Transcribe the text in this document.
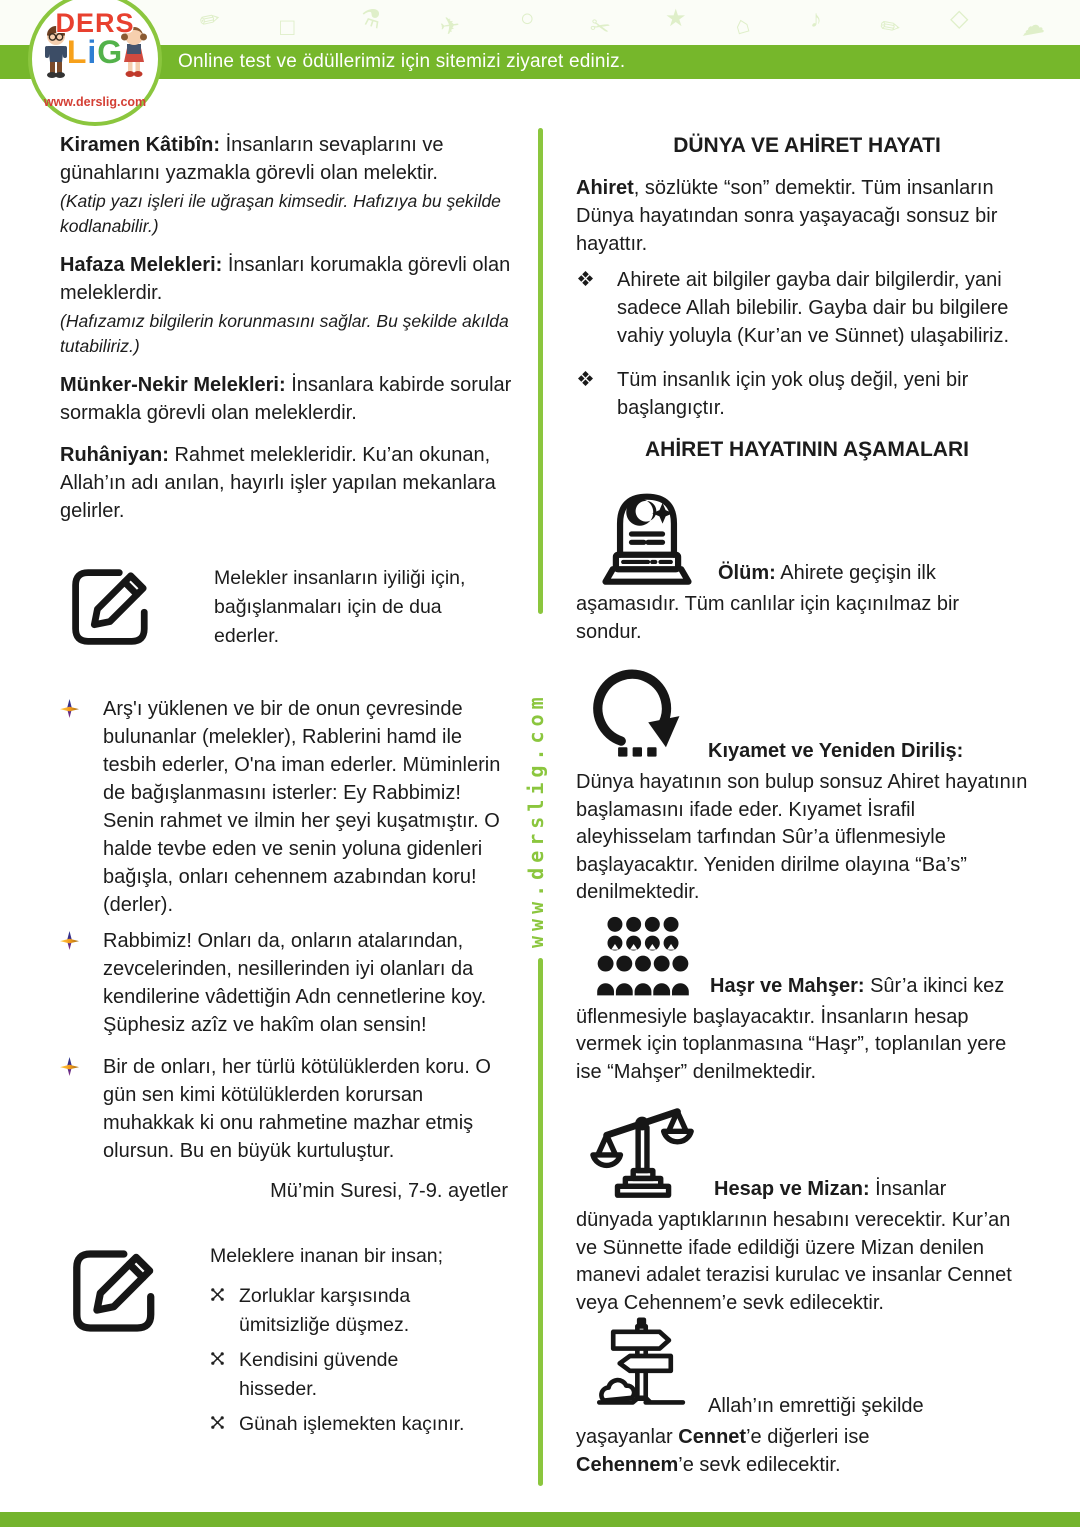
✏ □	⚗ ✈ ○ ✂ ★ ⌂ ♪ ✏ ◇ ☁
Online test ve ödüllerimiz için sitemizi ziyaret ediniz.
DERS
LiG
www.derslig.com
www.derslig.com

Kiramen Kâtibîn: İnsanların sevaplarını ve günahlarını yazmakla görevli olan melektir.

(Katip yazı işleri ile uğraşan kimsedir. Hafızıya bu şekilde kodlanabilir.)

Hafaza Melekleri: İnsanları korumakla görevli olan meleklerdir.

(Hafızamız bilgilerin korunmasını sağlar. Bu şekilde akılda tutabiliriz.)

Münker-Nekir Melekleri: İnsanlara kabirde sorular sormakla görevli olan meleklerdir.

Ruhâniyan: Rahmet melekleridir. Ku’an okunan, Allah’ın adı anılan, hayırlı işler yapılan mekanlara gelirler.

Melekler insanların iyiliği için, bağışlanmaları için de dua ederler.

Arş'ı yüklenen ve bir de onun çevresinde bulunanlar (melekler), Rablerini hamd ile tesbih ederler, O'na iman ederler. Müminlerin de bağışlanmasını isterler: Ey Rabbimiz! Senin rahmet ve ilmin her şeyi kuşatmıştır. O halde tevbe eden ve senin yoluna gidenleri bağışla, onları cehennem azabından koru! (derler).

Rabbimiz! Onları da, onların atalarından, zevcelerinden, nesillerinden iyi olanları da kendilerine vâdettiğin Adn cennetlerine koy. Şüphesiz azîz ve hakîm olan sensin!

Bir de onları, her türlü kötülüklerden koru. O gün sen kimi kötülüklerden korursan muhakkak ki onu rahmetine mazhar etmiş olursun. Bu en büyük kurtuluştur.

Mü’min Suresi, 7-9. ayetler

Meleklere inanan bir insan;

Zorluklar karşısında ümitsizliğe düşmez.

Kendisini güvende hisseder.

Günah işlemekten kaçınır.

DÜNYA VE AHİRET HAYATI

Ahiret, sözlükte “son” demektir. Tüm insanların Dünya hayatından sonra yaşayacağı sonsuz bir hayattır.

Ahirete ait bilgiler gayba dair bilgilerdir, yani sadece Allah bilebilir. Gayba dair bu bilgilere vahiy yoluyla (Kur’an ve Sünnet) ulaşabiliriz.

Tüm insanlık için yok oluş değil, yeni bir başlangıçtır.

AHİRET HAYATININ AŞAMALARI
Ölüm: Ahirete geçişin ilk

aşamasıdır. Tüm canlılar için kaçınılmaz bir sondur.

Kıyamet ve Yeniden Diriliş:

Dünya hayatının son bulup sonsuz Ahiret hayatının başlamasını ifade eder. Kıyamet İsrafil aleyhisselam tarfından Sûr’a üflenmesiyle başlayacaktır. Yeniden dirilme olayına “Ba’s” denilmektedir.

Haşr ve Mahşer: Sûr’a ikinci kez

üflenmesiyle başlayacaktır. İnsanların hesap vermek için toplanmasına “Haşr”, toplanılan yere ise “Mahşer” denilmektedir.

Hesap ve Mizan: İnsanlar

dünyada yaptıklarının hesabını verecektir. Kur’an ve Sünnette ifade edildiği üzere Mizan denilen manevi adalet terazisi kurulac ve insanlar Cennet veya Cehennem’e sevk edilecektir.

Allah’ın emrettiği şekilde

yaşayanlar Cennet’e diğerleri ise Cehennem’e sevk edilecektir.
